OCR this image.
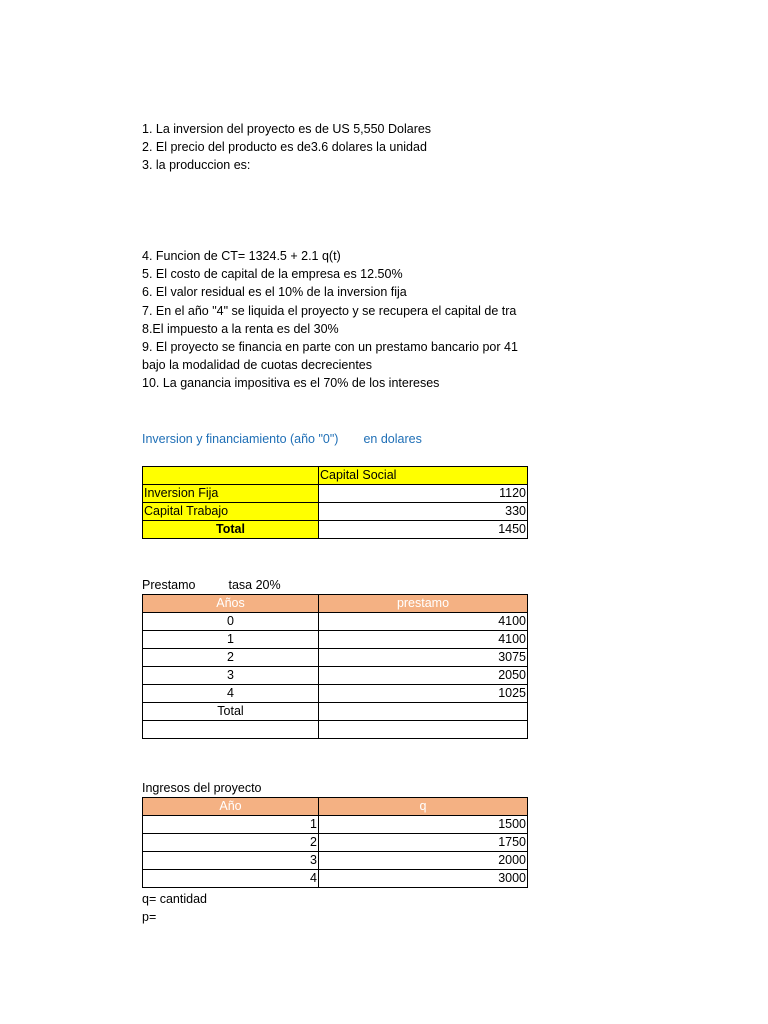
1. La inversion del proyecto es de US 5,550 Dolares
2. El precio del producto es de3.6 dolares la unidad
3. la produccion es:
4. Funcion de CT= 1324.5 + 2.1 q(t)
5. El costo de capital de la empresa es 12.50%
6. El valor residual es el 10% de la inversion fija
7. En el año "4" se liquida el proyecto y se recupera el capital de tra
8.El impuesto a la renta es del 30%
9. El proyecto se financia en parte con un prestamo bancario por 41
bajo la modalidad de cuotas decrecientes
10. La ganancia impositiva es el 70% de los intereses
Inversion y financiamiento (año "0") en dolares
	Capital Social
Inversion Fija	1120
Capital Trabajo	330
Total	1450
Prestamo	tasa 20%
Años	prestamo
0	4100
1	4100
2	3075
3	2050
4	1025
Total	

Ingresos del proyecto
Año	q
1	1500
2	1750
3	2000
4	3000
q= cantidad
p=
